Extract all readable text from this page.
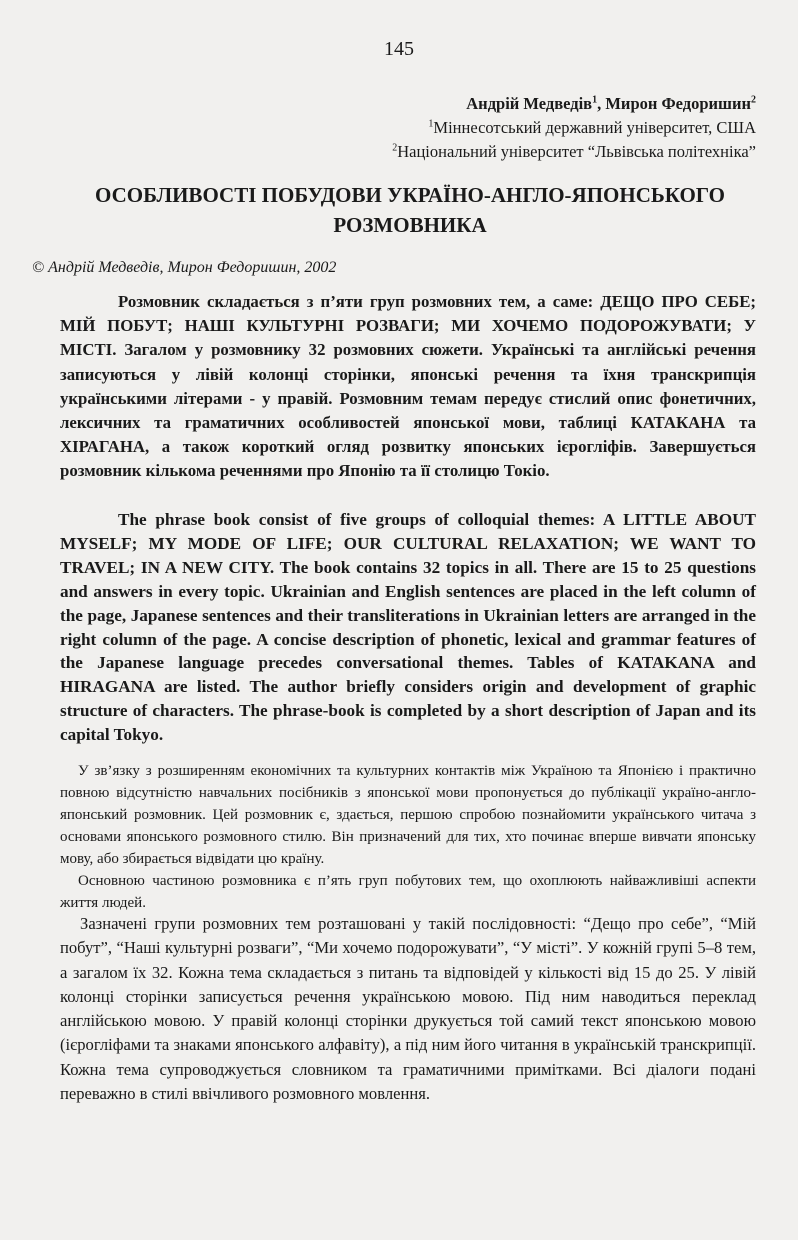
145
Андрій Медведів$^1$, Мирон Федоришин$^2$
$^1$Міннесотський державний університет, США
$^2$Національний університет “Львівська політехніка”
ОСОБЛИВОСТІ ПОБУДОВИ УКРАЇНО-АНГЛО-ЯПОНСЬКОГО
РОЗМОВНИКА
© Андрій Медведів, Мирон Федоришин, 2002

Розмовник складається з п’яти груп розмовних тем, а саме: ДЕЩО ПРО СЕБЕ; МІЙ ПОБУТ; НАШІ КУЛЬТУРНІ РОЗВАГИ; МИ ХОЧЕМО ПОДОРОЖУВАТИ; У МІСТІ. Загалом у розмовнику 32 розмовних сюжети. Українські та англійські речення записуються у лівій колонці сторінки, японські речення та їхня транскрипція українськими літерами - у правій. Розмовним темам передує стислий опис фонетичних, лексичних та граматичних особливостей японської мови, таблиці КАТАКАНА та ХІРАГАНА, а також короткий огляд розвитку японських ієрогліфів. Завершується розмовник кількома реченнями про Японію та її столицю Токіо.

The phrase book consist of five groups of colloquial themes: A LITTLE ABOUT MYSELF; MY MODE OF LIFE; OUR CULTURAL RELAXATION; WE WANT TO TRAVEL; IN A NEW CITY. The book contains 32 topics in all. There are 15 to 25 questions and answers in every topic. Ukrainian and English sentences are placed in the left column of the page, Japanese sentences and their transliterations in Ukrainian letters are arranged in the right column of the page. A concise description of phonetic, lexical and grammar features of the Japanese language precedes conversational themes. Tables of KATAKANA and HIRAGANA are listed. The author briefly considers origin and development of graphic structure of characters. The phrase-book is completed by a short description of Japan and its capital Tokyo.

У зв’язку з розширенням економічних та культурних контактів між Україною та Японією і практично повною відсутністю навчальних посібників з японської мови пропонується до публікації українo-англо-японський розмовник. Цей розмовник є, здається, першою спробою познайомити українського читача з основами японського розмовного стилю. Він призначений для тих, хто починає вперше вивчати японську мову, або збирається відвідати цю країну.

Основною частиною розмовника є п’ять груп побутових тем, що охоплюють найважливіші аспекти життя людей.

Зазначені групи розмовних тем розташовані у такій послідовності: “Дещо про себе”, “Мій побут”, “Наші культурні розваги”, “Ми хочемо подорожувати”, “У місті”. У кожній групі 5–8 тем, а загалом їх 32. Кожна тема складається з питань та відповідей у кількості від 15 до 25. У лівій колонці сторінки записується речення українською мовою. Під ним наводиться переклад англійською мовою. У правій колонці сторінки друкується той самий текст японською мовою (ієрогліфами та знаками японського алфавіту), а під ним його читання в українській транскрипції. Кожна тема супроводжується словником та граматичними примітками. Всі діалоги подані переважно в стилі ввічливого розмовного мовлення.
